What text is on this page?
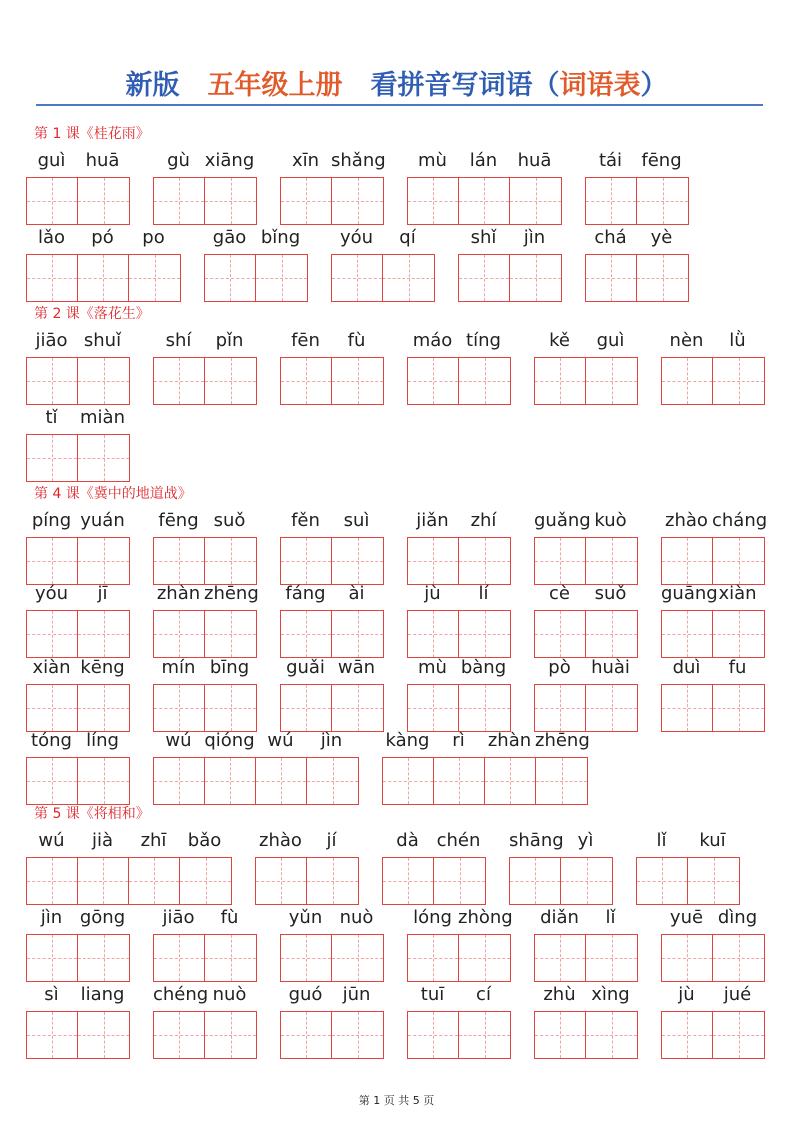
新版 五年级上册 看拼音写词语（词语表）
第 1 课《桂花雨》
guì	huā	gù xiāng	xīn shǎng	mù	lán	huā	tái	fēng
lǎo	pó	po	gāo bǐng	yóu	qí	shǐ	jìn	chá	yè
第 2 课《落花生》
jiāo shuǐ	shí	pǐn	fēn	fù	máo tíng	kě	guì	nèn	lǜ
tǐ	miàn
第 4 课《冀中的地道战》
píng yuán fēng suǒ	fěn	suì	jiǎn	zhí	guǎng kuò	zhào cháng
yóu	jī	zhàn zhēng fáng	ài	jù	lí	cè	suǒ	guāng xiàn
xiàn kēng	mín bīng	guǎi wān	mù bàng	pò	huài	duì	fu
tóng líng	wú qióng wú	jìn	kàng	rì	zhàn zhēng
第 5 课《将相和》
wú	jià	zhī	bǎo	zhào	jí	dà chén shāng yì	lǐ	kuī
jìn gōng	jiāo	fù	yǔn nuò	lóng zhòng	diǎn	lǐ	yuē dìng
sì	liang chéng nuò	guó	jūn	tuī	cí	zhù xìng	jù	jué
第 1 页 共 5 页
